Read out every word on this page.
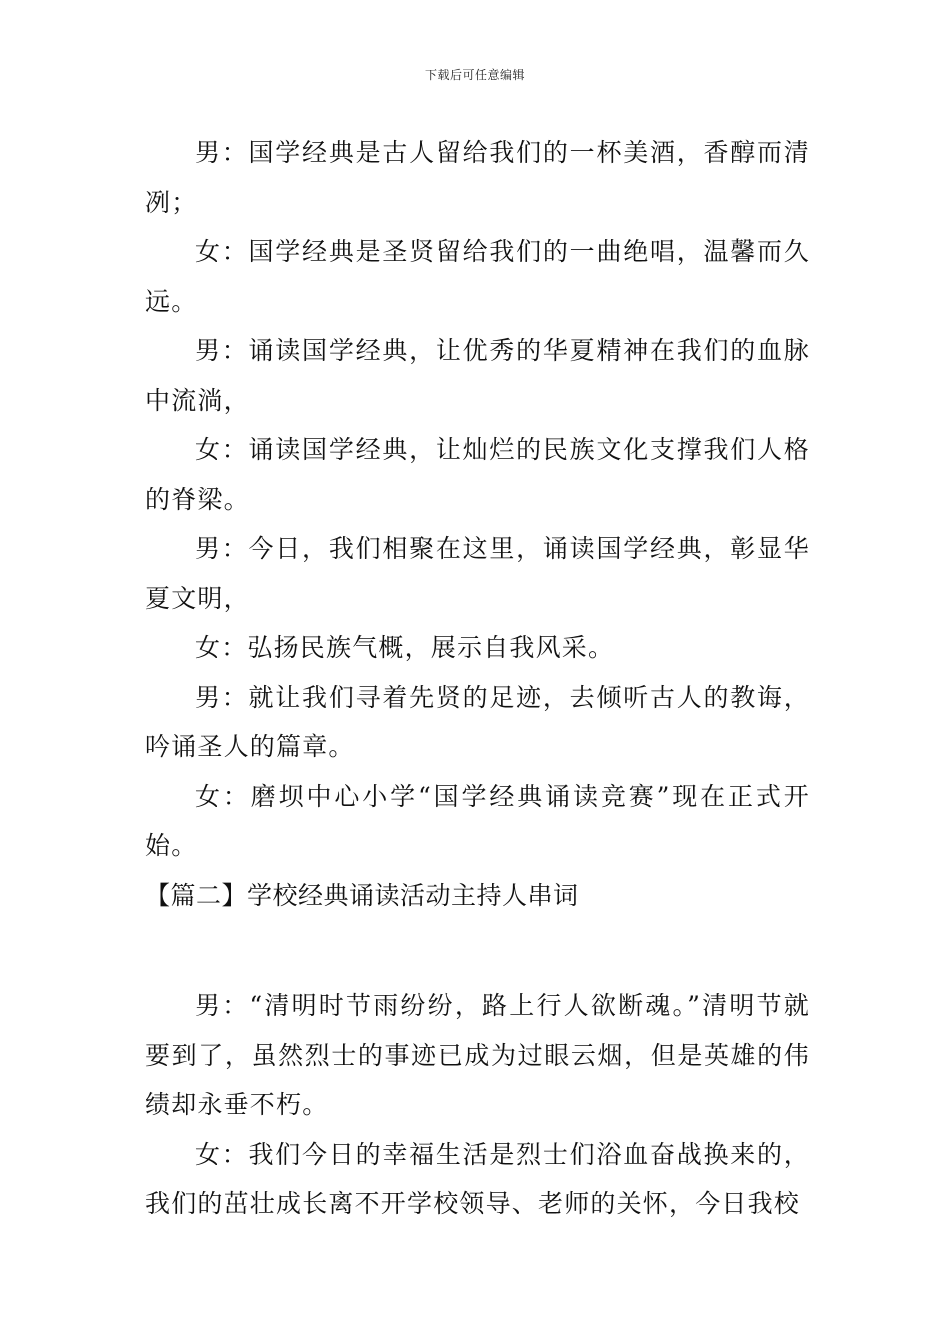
下载后可任意编辑

男：国学经典是古人留给我们的一杯美酒，香醇而清冽；

女：国学经典是圣贤留给我们的一曲绝唱，温馨而久远。

男：诵读国学经典，让优秀的华夏精神在我们的血脉中流淌，

女：诵读国学经典，让灿烂的民族文化支撑我们人格的脊梁。

男：今日，我们相聚在这里，诵读国学经典，彰显华夏文明，

女：弘扬民族气概，展示自我风采。

男：就让我们寻着先贤的足迹，去倾听古人的教诲，吟诵圣人的篇章。

女：磨坝中心小学“国学经典诵读竞赛”现在正式开始。

【篇二】学校经典诵读活动主持人串词

男：“清明时节雨纷纷，路上行人欲断魂。”清明节就要到了，虽然烈士的事迹已成为过眼云烟，但是英雄的伟绩却永垂不朽。

女：我们今日的幸福生活是烈士们浴血奋战换来的，我们的茁壮成长离不开学校领导、老师的关怀，今日我校
